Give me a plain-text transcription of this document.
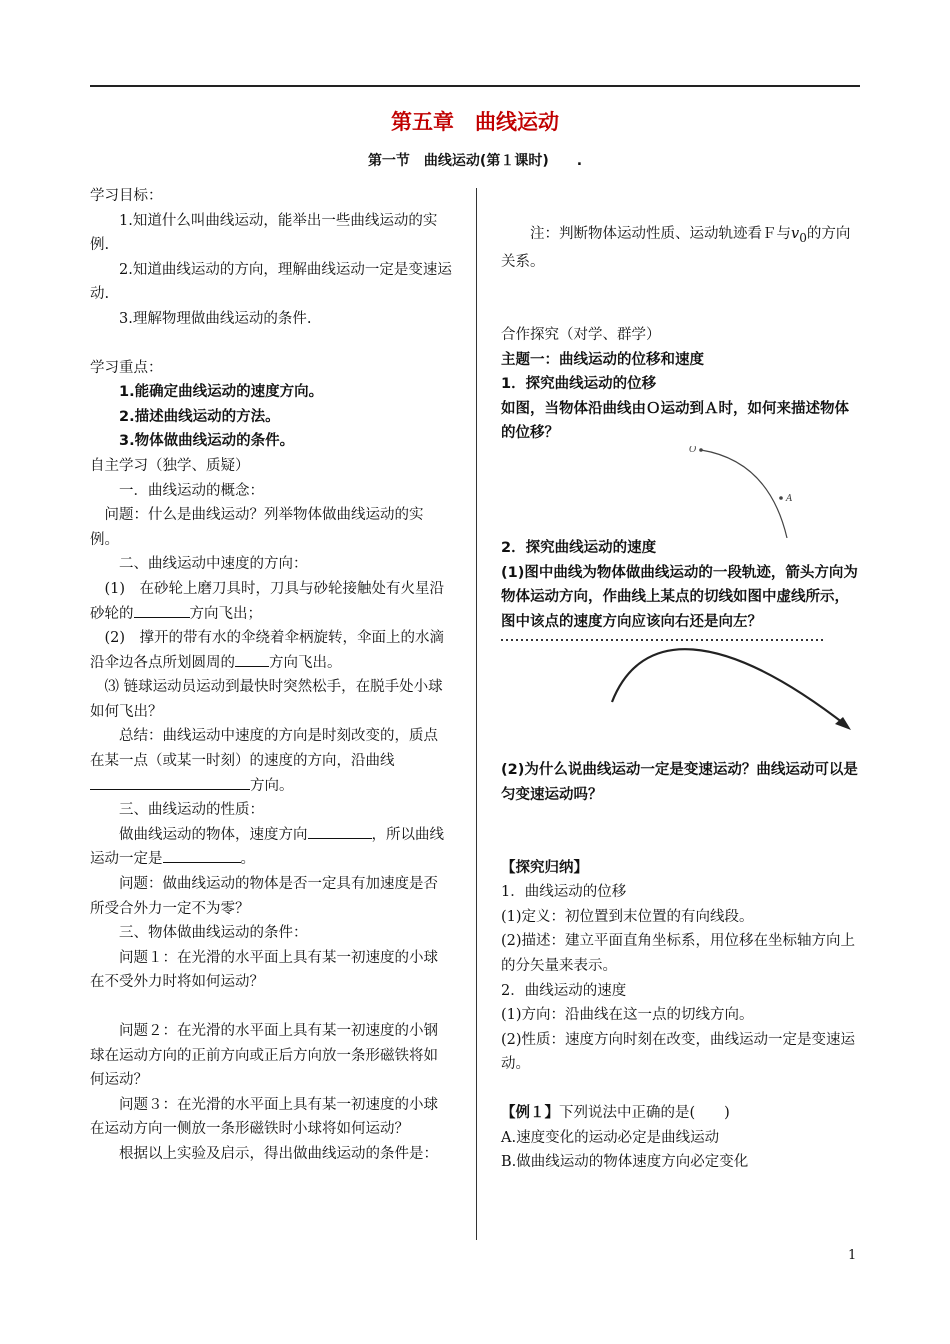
第五章　曲线运动
第一节　曲线运动(第１课时)　　.

学习目标：

1.知道什么叫曲线运动，能举出一些曲线运动的实例.

2.知道曲线运动的方向，理解曲线运动一定是变速运动.

3.理解物理做曲线运动的条件.

学习重点：

1.能确定曲线运动的速度方向。

2.描述曲线运动的方法。

3.物体做曲线运动的条件。

自主学习（独学、质疑）

一．曲线运动的概念：

问题：什么是曲线运动？列举物体做曲线运动的实例。

二、曲线运动中速度的方向：

(1)　在砂轮上磨刀具时，刀具与砂轮接触处有火星沿砂轮的	方向飞出；

(2)　撑开的带有水的伞绕着伞柄旋转，伞面上的水滴沿伞边各点所划圆周的 方向飞出。

⑶ 链球运动员运动到最快时突然松手，在脱手处小球如何飞出？

总结：曲线运动中速度的方向是时刻改变的，质点在某一点（或某一时刻）的速度的方向，沿曲线方向。

三、曲线运动的性质：

做曲线运动的物体，速度方向	，所以曲线运动一定是	。

问题：做曲线运动的物体是否一定具有加速度是否所受合外力一定不为零？

三、物体做曲线运动的条件：

问题１：在光滑的水平面上具有某一初速度的小球在不受外力时将如何运动？

问题２：在光滑的水平面上具有某一初速度的小钢球在运动方向的正前方向或正后方向放一条形磁铁将如何运动？

问题３：在光滑的水平面上具有某一初速度的小球在运动方向一侧放一条形磁铁时小球将如何运动？

根据以上实验及启示，得出做曲线运动的条件是：

注：判断物体运动性质、运动轨迹看Ｆ与$v_0$的方向关系。

合作探究（对学、群学）

主题一：曲线运动的位移和速度

1．探究曲线运动的位移

如图，当物体沿曲线由Ｏ运动到Ａ时，如何来描述物体的位移？

O
A

2．探究曲线运动的速度

(1)图中曲线为物体做曲线运动的一段轨迹，箭头方向为物体运动方向，作曲线上某点的切线如图中虚线所示，图中该点的速度方向应该向右还是向左？

(2)为什么说曲线运动一定是变速运动？曲线运动可以是匀变速运动吗？

【探究归纳】

1．曲线运动的位移

(1)定义：初位置到末位置的有向线段。

(2)描述：建立平面直角坐标系，用位移在坐标轴方向上的分矢量来表示。

2．曲线运动的速度

(1)方向：沿曲线在这一点的切线方向。

(2)性质：速度方向时刻在改变，曲线运动一定是变速运动。

【例１】下列说法中正确的是(　　)

A.速度变化的运动必定是曲线运动

B.做曲线运动的物体速度方向必定变化

1
